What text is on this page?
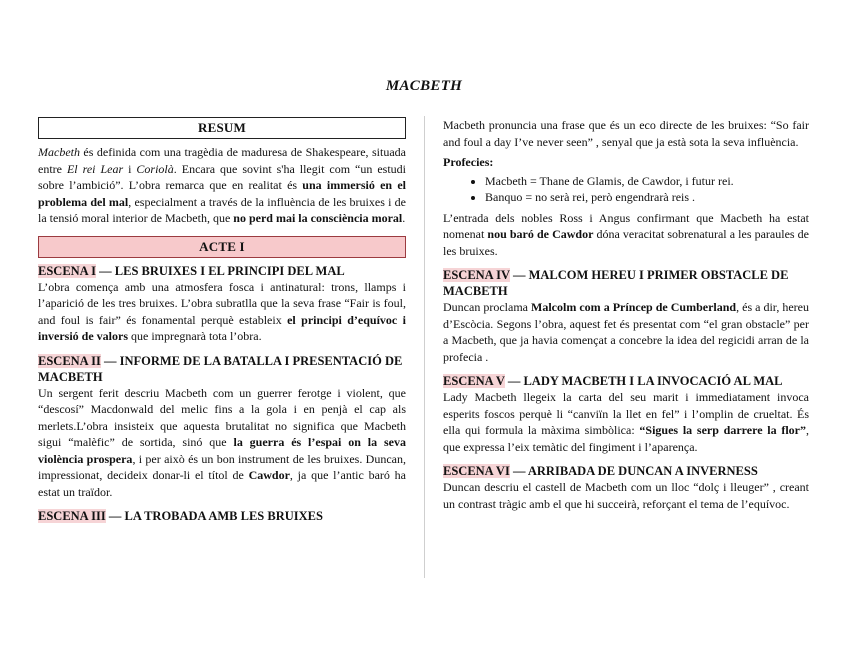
MACBETH
RESUM

Macbeth és definida com una tragèdia de maduresa de Shakespeare, situada entre El rei Lear i Coriolà. Encara que sovint s'ha llegit com “un estudi sobre l’ambició”. L’obra remarca que en realitat és una immersió en el problema del mal, especialment a través de la influència de les bruixes i de la tensió moral interior de Macbeth, que no perd mai la consciència moral.

ACTE I
ESCENA I — LES BRUIXES I EL PRINCIPI DEL MAL

L’obra comença amb una atmosfera fosca i antinatural: trons, llamps i l’aparició de les tres bruixes. L’obra subratlla que la seva frase “Fair is foul, and foul is fair” és fonamental perquè estableix el principi d’equívoc i inversió de valors que impregnarà tota l’obra.

ESCENA II — INFORME DE LA BATALLA I PRESENTACIÓ DE MACBETH

Un sergent ferit descriu Macbeth com un guerrer ferotge i violent, que “descosí” Macdonwald del melic fins a la gola i en penjà el cap als merlets.L’obra insisteix que aquesta brutalitat no significa que Macbeth sigui “malèfic” de sortida, sinó que la guerra és l’espai on la seva violència prospera, i per això és un bon instrument de les bruixes. Duncan, impressionat, decideix donar-li el títol de Cawdor, ja que l’antic baró ha estat un traïdor.

ESCENA III — LA TROBADA AMB LES BRUIXES

Macbeth pronuncia una frase que és un eco directe de les bruixes: “So fair and foul a day I’ve never seen” , senyal que ja està sota la seva influència.

Profecies:
• Macbeth = Thane de Glamis, de Cawdor, i futur rei.
• Banquo = no serà rei, però engendrarà reis .

L’entrada dels nobles Ross i Angus confirmant que Macbeth ha estat nomenat nou baró de Cawdor dóna veracitat sobrenatural a les paraules de les bruixes.

ESCENA IV — MALCOM HEREU I PRIMER OBSTACLE DE MACBETH

Duncan proclama Malcolm com a Príncep de Cumberland, és a dir, hereu d’Escòcia. Segons l’obra, aquest fet és presentat com “el gran obstacle” per a Macbeth, que ja havia començat a concebre la idea del regicidi arran de la profecia .

ESCENA V — LADY MACBETH I LA INVOCACIÓ AL MAL

Lady Macbeth llegeix la carta del seu marit i immediatament invoca esperits foscos perquè li “canviïn la llet en fel” i l’omplin de crueltat. És ella qui formula la màxima simbòlica: “Sigues la serp darrere la flor”, que expressa l’eix temàtic del fingiment i l’aparença.

ESCENA VI — ARRIBADA DE DUNCAN A INVERNESS

Duncan descriu el castell de Macbeth com un lloc “dolç i lleuger” , creant un contrast tràgic amb el que hi succeirà, reforçant el tema de l’equívoc.
